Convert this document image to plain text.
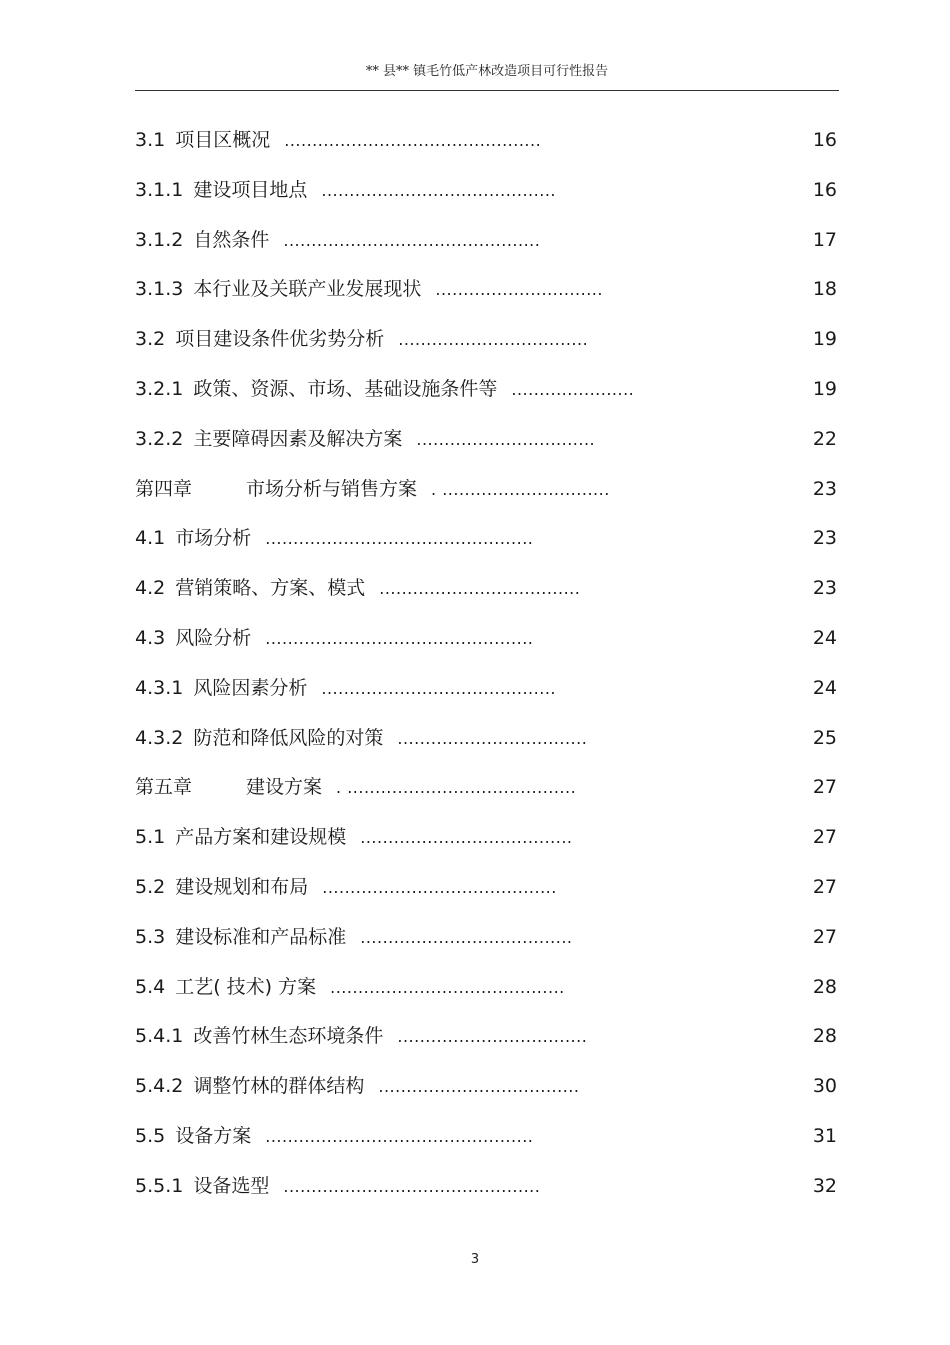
** 县** 镇毛竹低产林改造项目可行性报告
3.1 项目区概况 ..............................................	16
3.1.1 建设项目地点 ..........................................	16
3.1.2 自然条件 ..............................................	17
3.1.3 本行业及关联产业发展现状 ..............................	18
3.2 项目建设条件优劣势分析 ..................................	19
3.2.1 政策、资源、市场、基础设施条件等 ......................	19
3.2.2 主要障碍因素及解决方案 ................................	22
第四章	市场分析与销售方案 . ..............................	23
4.1 市场分析 ................................................	23
4.2 营销策略、方案、模式 ....................................	23
4.3 风险分析 ................................................	24
4.3.1 风险因素分析 ..........................................	24
4.3.2 防范和降低风险的对策 ..................................	25
第五章	建设方案 . .........................................	27
5.1 产品方案和建设规模 ......................................	27
5.2 建设规划和布局 ..........................................	27
5.3 建设标准和产品标准 ......................................	27
5.4 工艺( 技术) 方案 ..........................................	28
5.4.1 改善竹林生态环境条件 ..................................	28
5.4.2 调整竹林的群体结构 ....................................	30
5.5 设备方案 ................................................	31
5.5.1 设备选型 ..............................................	32
3
